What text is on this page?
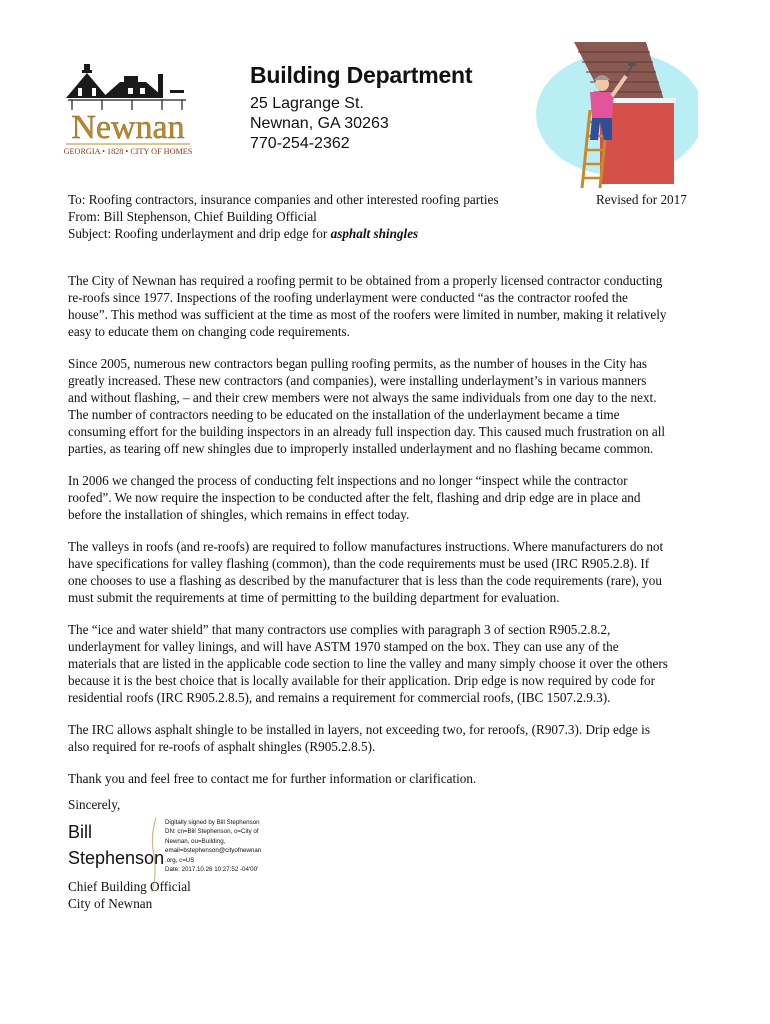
Newnan
GEORGIA • 1828 • CITY OF HOMES
Building Department
25 Lagrange St.
Newnan, GA 30263
770-254-2362
To: Roofing contractors, insurance companies and other interested roofing parties
From: Bill Stephenson, Chief Building Official
Subject: Roofing underlayment and drip edge for asphalt shingles
Revised for 2017

The City of Newnan has required a roofing permit to be obtained from a properly licensed contractor conducting
re-roofs since 1977. Inspections of the roofing underlayment were conducted “as the contractor roofed the
house”. This method was sufficient at the time as most of the roofers were limited in number, making it relatively
easy to educate them on changing code requirements.

Since 2005, numerous new contractors began pulling roofing permits, as the number of houses in the City has
greatly increased. These new contractors (and companies), were installing underlayment’s in various manners
and without flashing, – and their crew members were not always the same individuals from one day to the next.
The number of contractors needing to be educated on the installation of the underlayment became a time
consuming effort for the building inspectors in an already full inspection day. This caused much frustration on all
parties, as tearing off new shingles due to improperly installed underlayment and no flashing became common.

In 2006 we changed the process of conducting felt inspections and no longer “inspect while the contractor
roofed”. We now require the inspection to be conducted after the felt, flashing and drip edge are in place and
before the installation of shingles, which remains in effect today.

The valleys in roofs (and re-roofs) are required to follow manufactures instructions. Where manufacturers do not
have specifications for valley flashing (common), than the code requirements must be used (IRC R905.2.8). If
one chooses to use a flashing as described by the manufacturer that is less than the code requirements (rare), you
must submit the requirements at time of permitting to the building department for evaluation.

The “ice and water shield” that many contractors use complies with paragraph 3 of section R905.2.8.2,
underlayment for valley linings, and will have ASTM 1970 stamped on the box. They can use any of the
materials that are listed in the applicable code section to line the valley and many simply choose it over the others
because it is the best choice that is locally available for their application. Drip edge is now required by code for
residential roofs (IRC R905.2.8.5), and remains a requirement for commercial roofs, (IBC 1507.2.9.3).

The IRC allows asphalt shingle to be installed in layers, not exceeding two, for reroofs, (R907.3). Drip edge is
also required for re-roofs of asphalt shingles (R905.2.8.5).

Thank you and feel free to contact me for further information or clarification.

Sincerely,
Bill
Stephenson
Digitally signed by Bill Stephenson
DN: cn=Bill Stephenson, o=City of
Newnan, ou=Building,
email=bstephenson@cityofnewnan
.org, c=US
Date: 2017.10.26 10:27:52 -04'00'
Chief Building Official
City of Newnan
